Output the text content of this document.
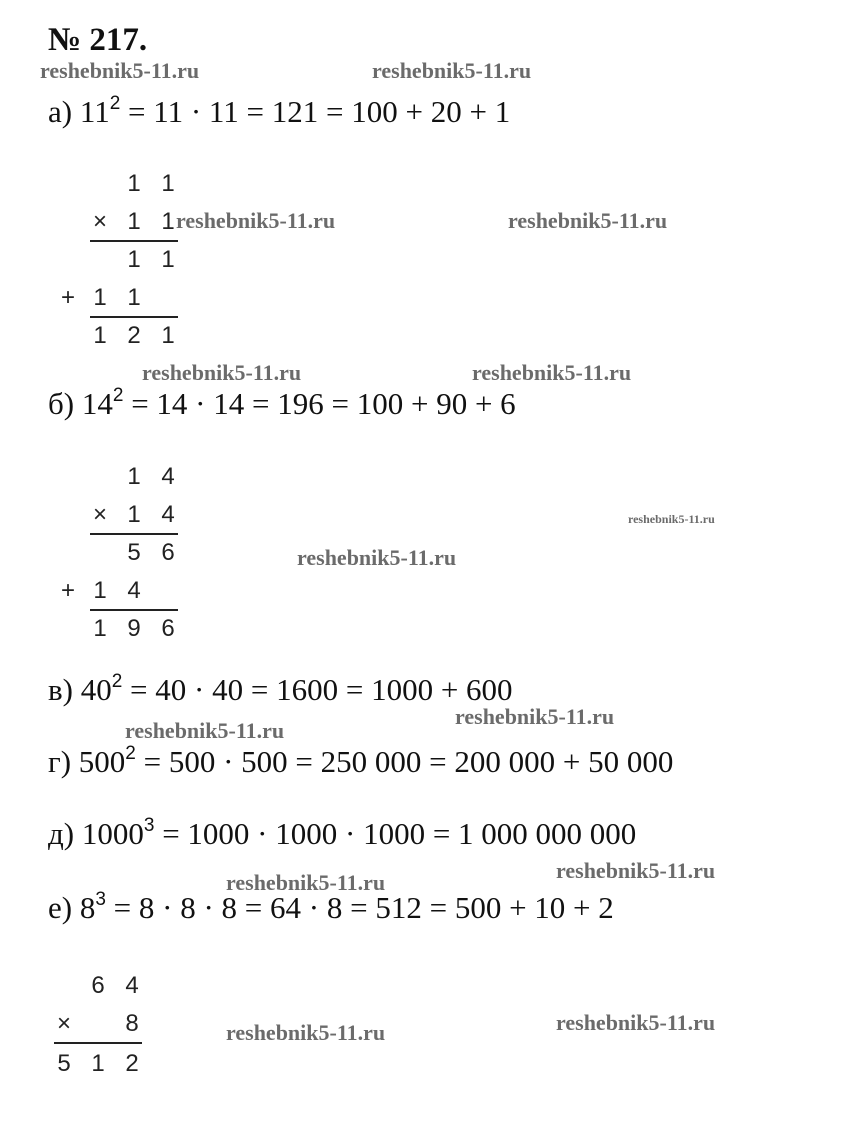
№ 217.
reshebnik5-11.ru	reshebnik5-11.ru
reshebnik5-11.ru	reshebnik5-11.ru
reshebnik5-11.ru	reshebnik5-11.ru
reshebnik5-11.ru
reshebnik5-11.ru
reshebnik5-11.ru
reshebnik5-11.ru
reshebnik5-11.ru
reshebnik5-11.ru
reshebnik5-11.ru	reshebnik5-11.ru
а) $11^2 = 11 \cdot 11 = 121 = 100 + 20 + 1$
1 1
× 1 1
1 1
+ 1 1
1 2 1
б) $14^2 = 14 \cdot 14 = 196 = 100 + 90 + 6$
1 4
× 1 4
5 6
+ 1 4
1 9 6
в) $40^2 = 40 \cdot 40 = 1600 = 1000 + 600$
г) $500^2 = 500 \cdot 500 = 250$ 000 = 200 000 + 50 000
д) $1000^3 = 1000 \cdot 1000 \cdot 1000 = 1$ 000 000 000
е) $8^3 = 8 \cdot 8 \cdot 8 = 64 \cdot 8 = 512 = 500 + 10 + 2$
6 4
×	8
5 1 2
